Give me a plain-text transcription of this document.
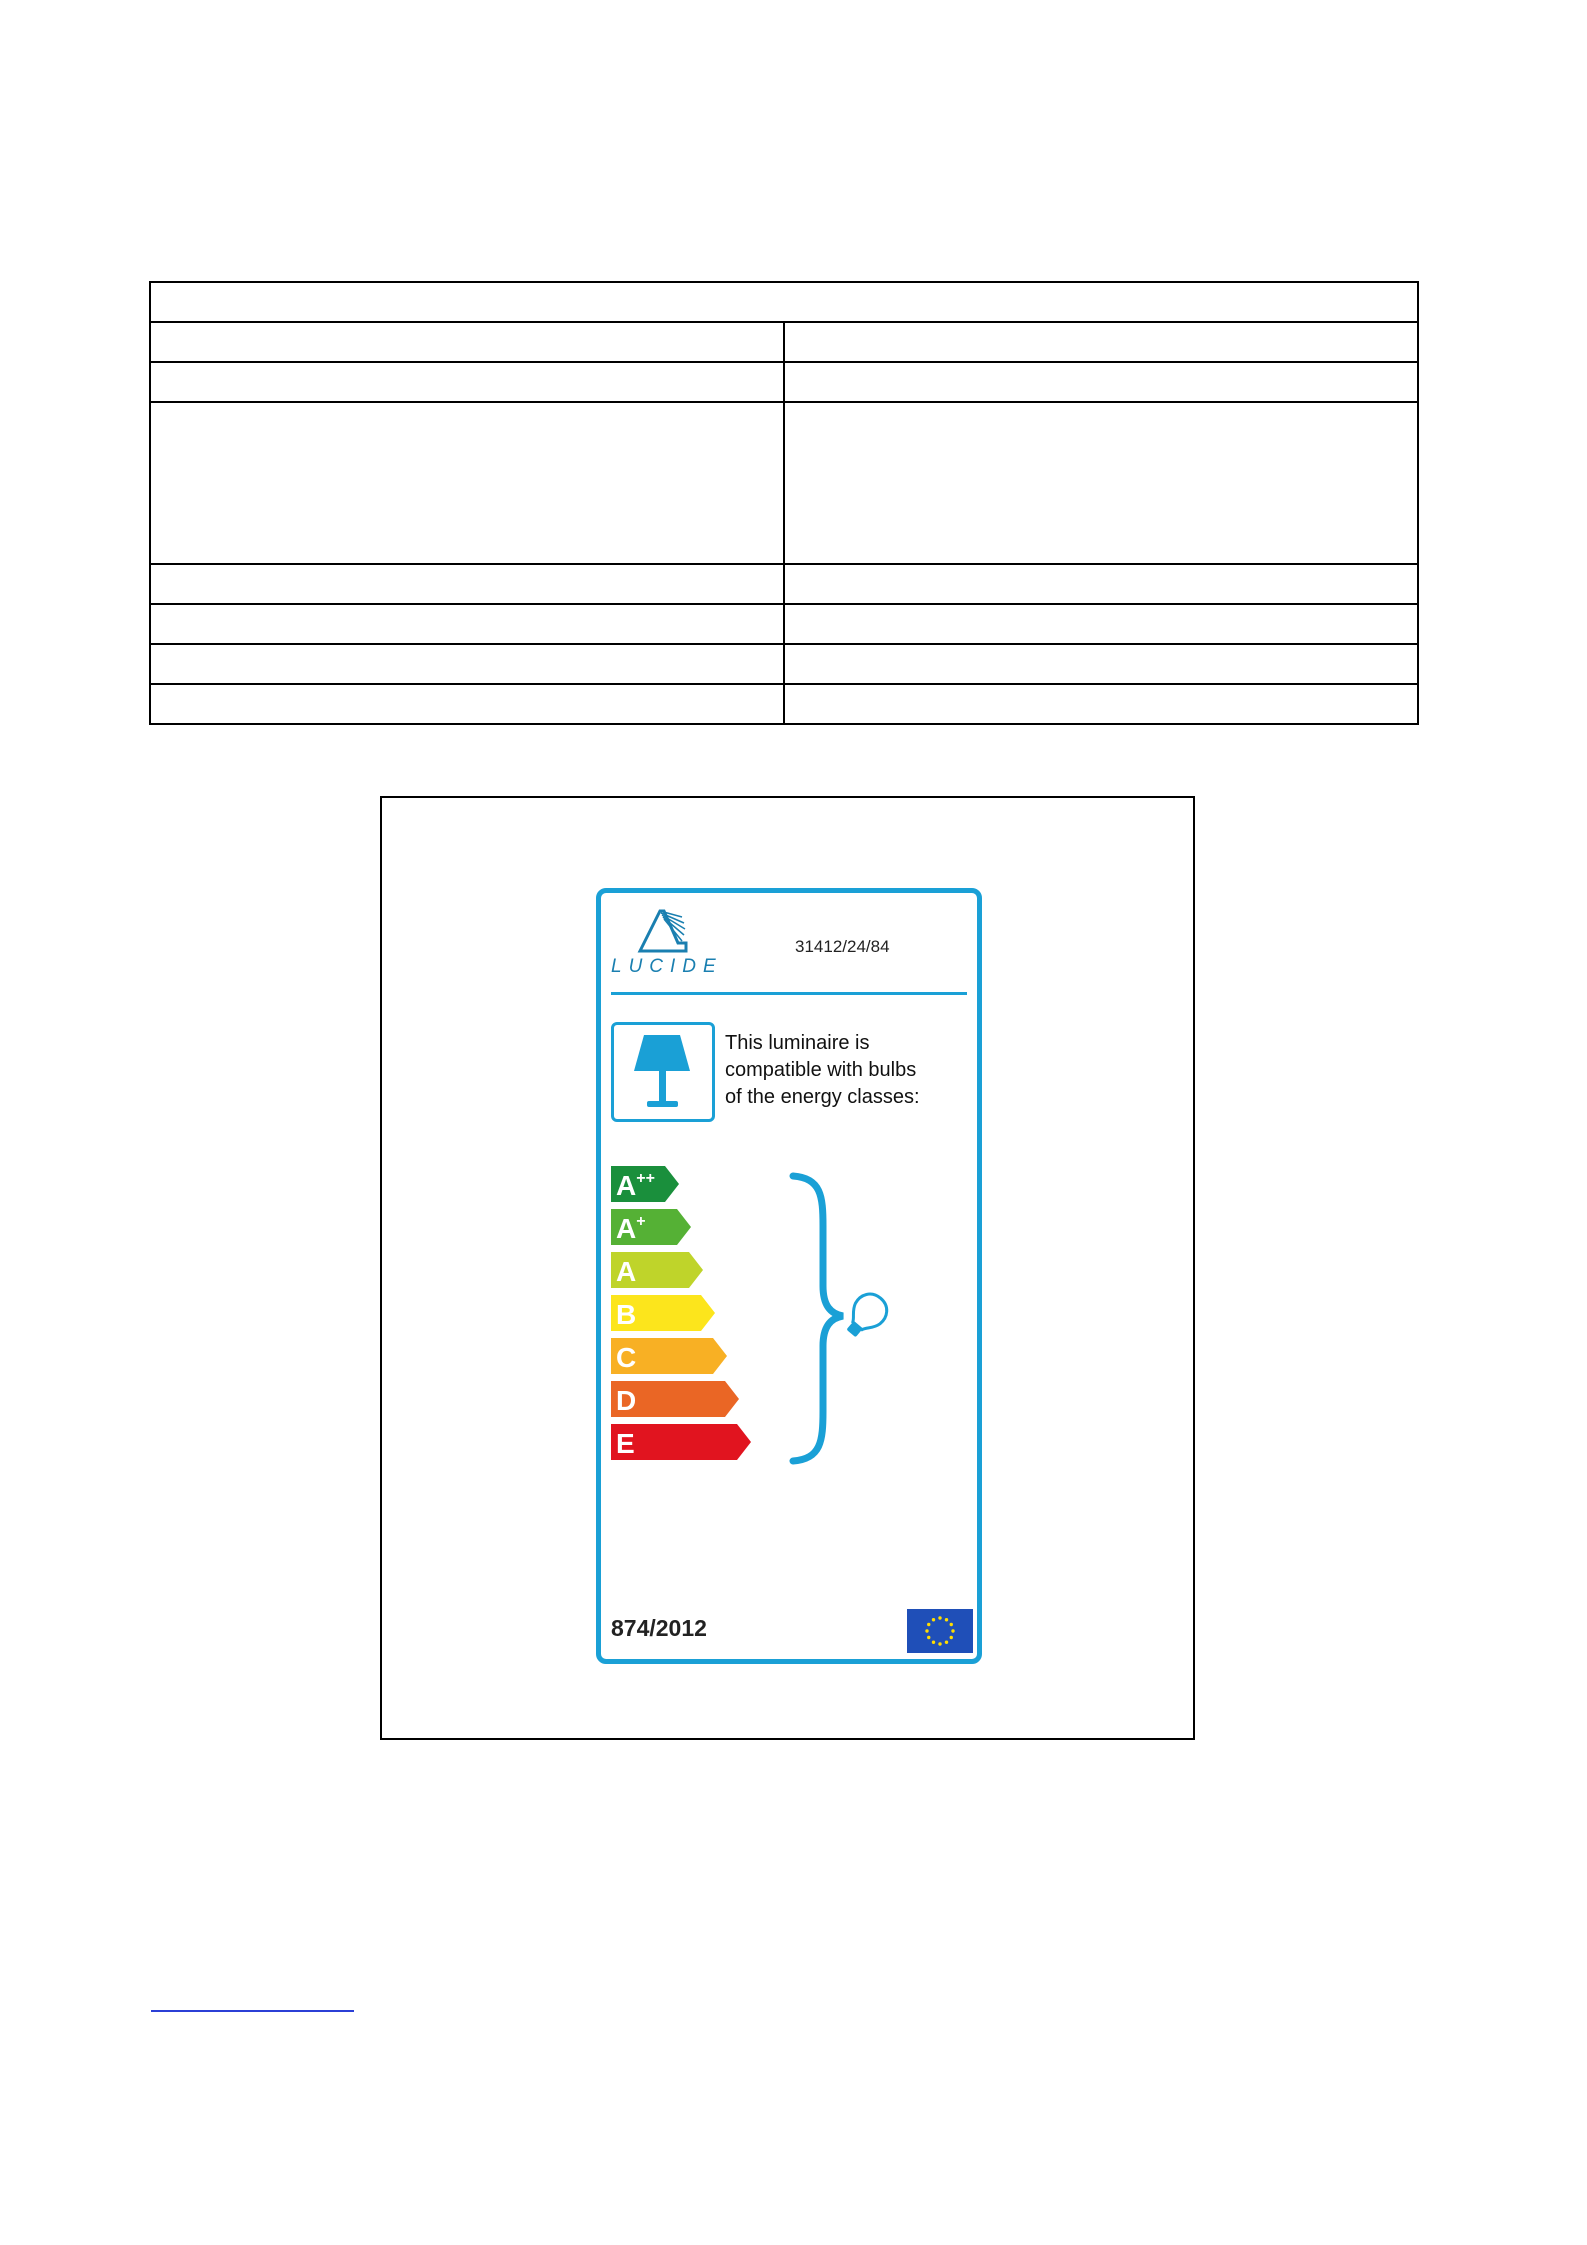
LUCIDE
31412/24/84
This luminaire is
compatible with bulbs
of the energy classes:
E
D
C
B
A
A+
A++
874/2012
